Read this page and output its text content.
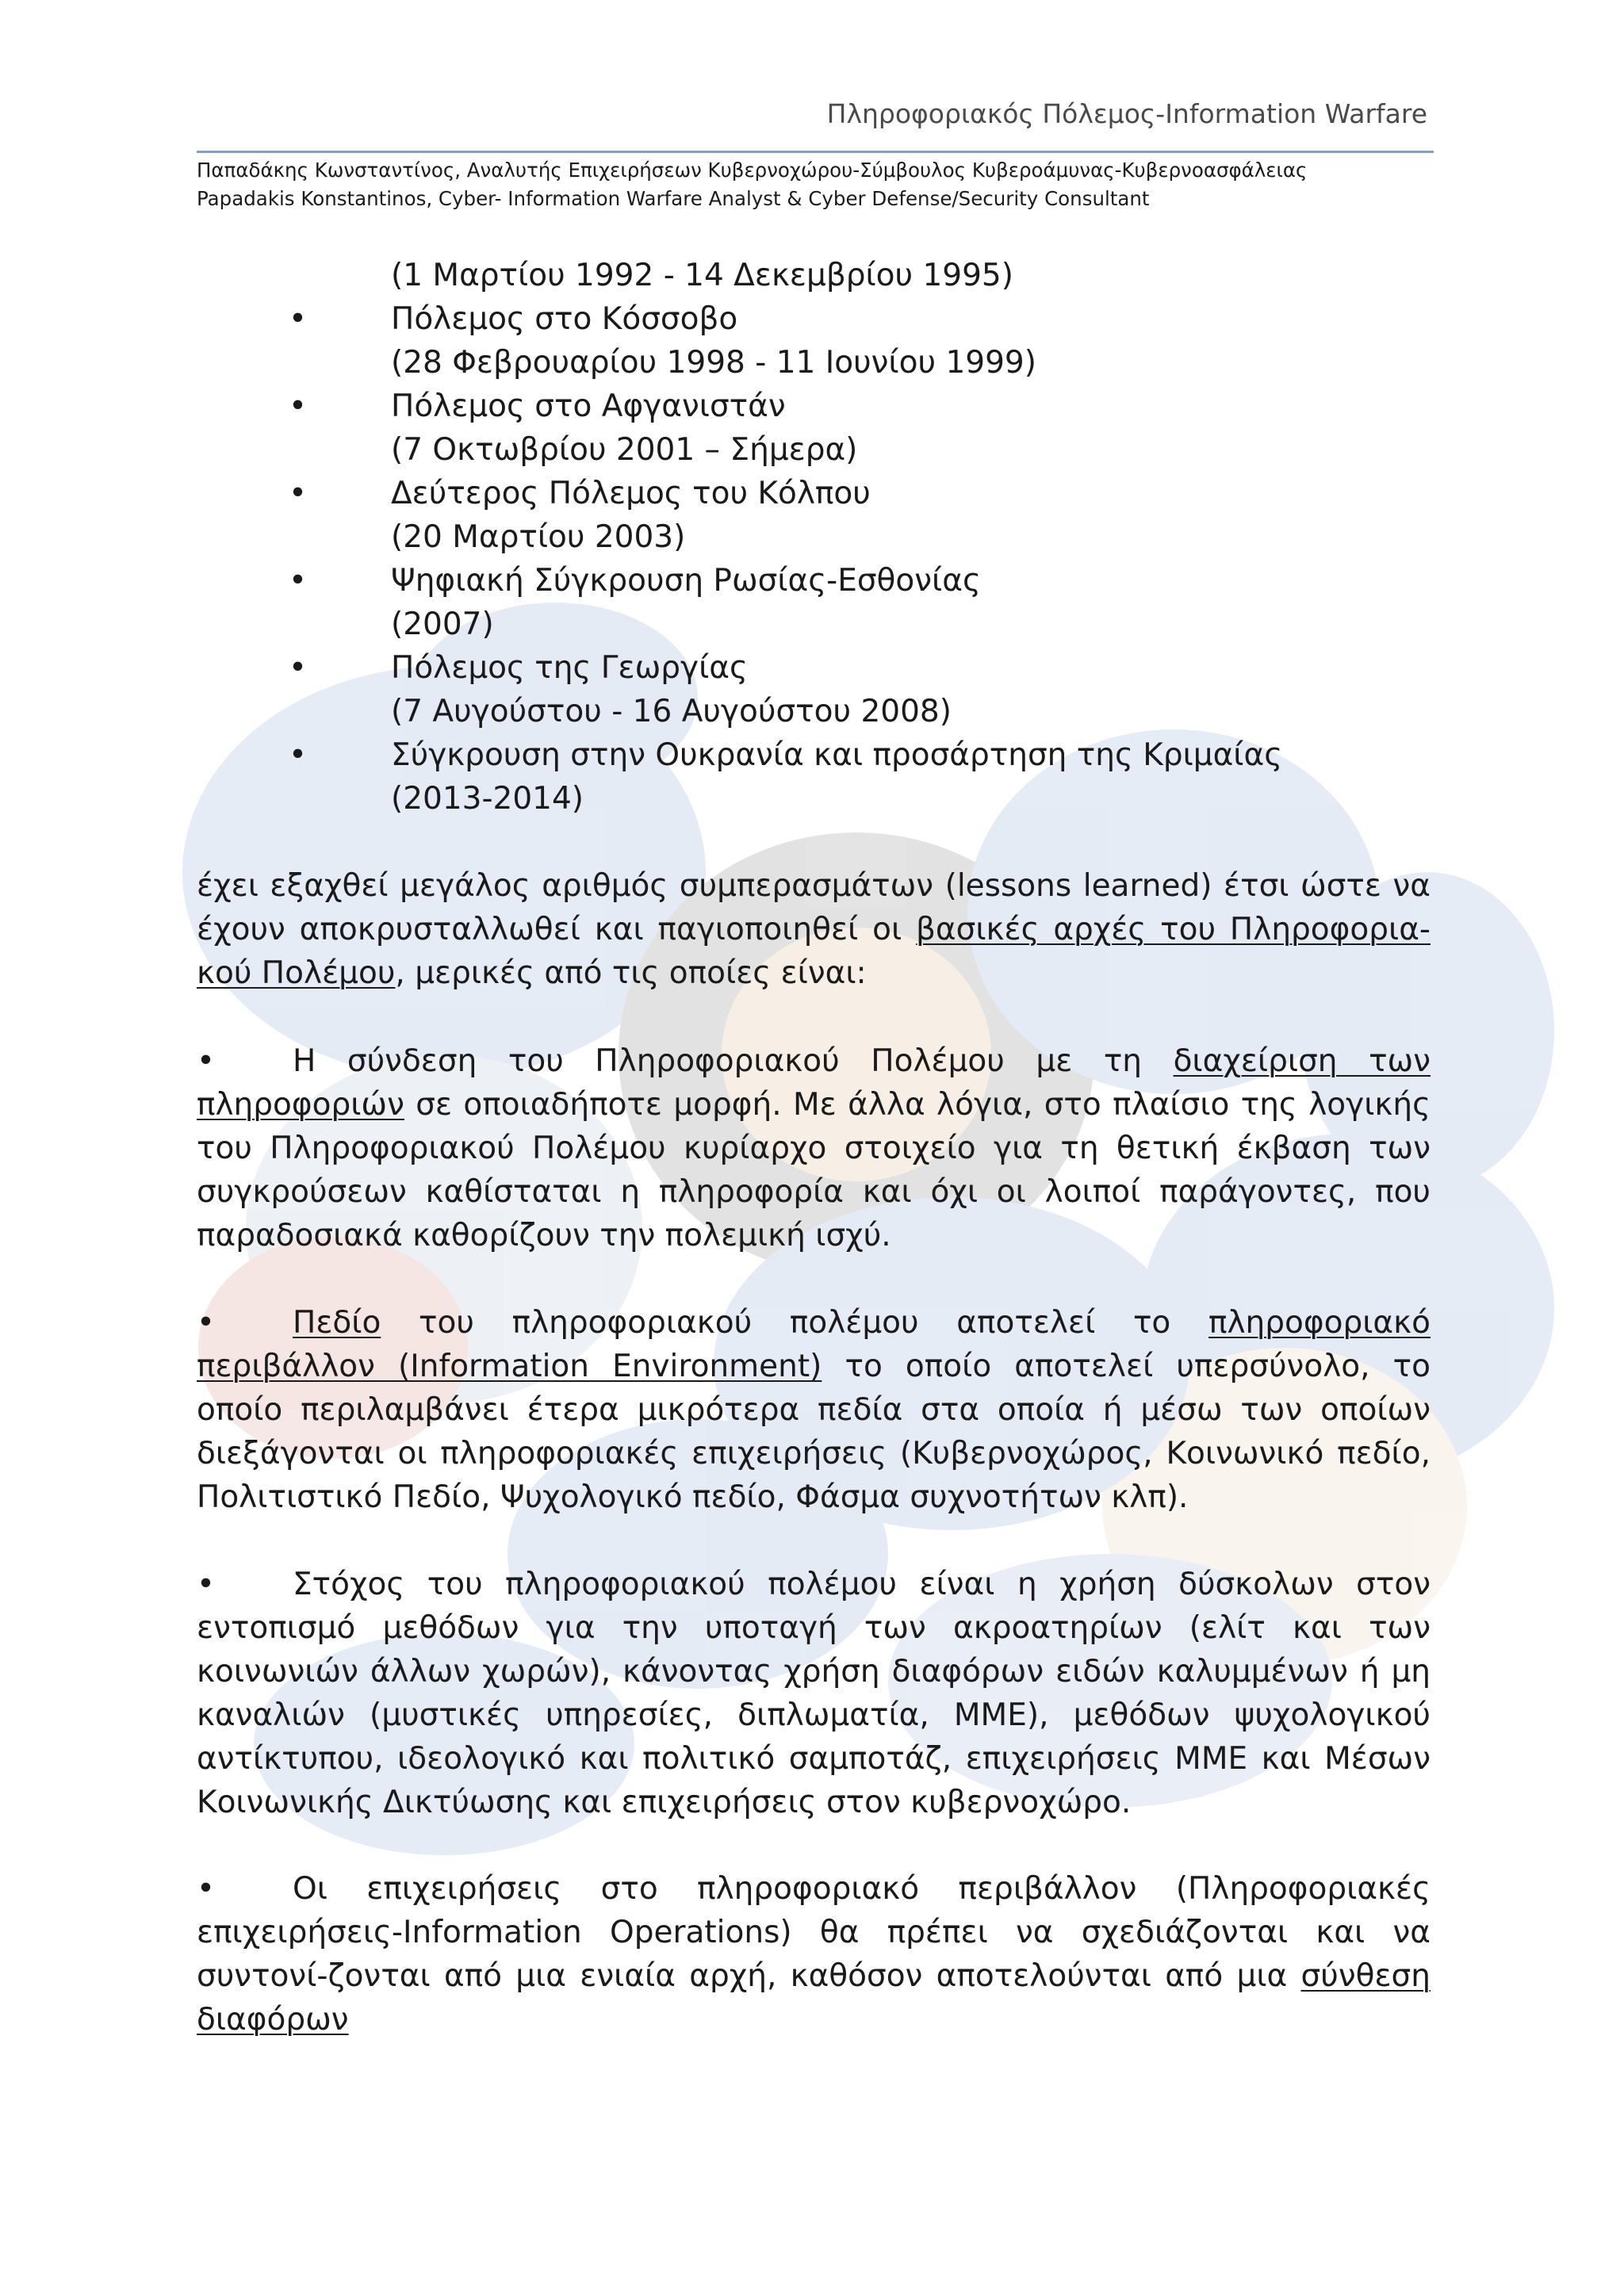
Πληροφοριακός Πόλεμος-Information Warfare
Παπαδάκης Κωνσταντίνος, Αναλυτής Επιχειρήσεων Κυβερνοχώρου-Σύμβουλος Κυβεροάμυνας-Κυβερνοασφάλειας
Papadakis Konstantinos, Cyber- Information Warfare Analyst & Cyber Defense/Security Consultant
(1 Μαρτίου 1992 - 14 Δεκεμβρίου 1995)
•	Πόλεμος στο Κόσσοβο
(28 Φεβρουαρίου 1998 - 11 Ιουνίου 1999)
•	Πόλεμος στο Αφγανιστάν
(7 Οκτωβρίου 2001 – Σήμερα)
•	Δεύτερος Πόλεμος του Κόλπου
(20 Μαρτίου 2003)
•	Ψηφιακή Σύγκρουση Ρωσίας-Εσθονίας
(2007)
•	Πόλεμος της Γεωργίας
(7 Αυγούστου - 16 Αυγούστου 2008)
•	Σύγκρουση στην Ουκρανία και προσάρτηση της Κριμαίας
(2013-2014)

έχει εξαχθεί μεγάλος αριθμός συμπερασμάτων (lessons learned) έτσι ώστε να έχουν αποκρυσταλλωθεί και παγιοποιηθεί οι βασικές αρχές του Πληροφορια-κού Πολέμου, μερικές από τις οποίες είναι:

•	Η σύνδεση του Πληροφοριακού Πολέμου με τη διαχείριση των πληροφοριών σε οποιαδήποτε μορφή. Με άλλα λόγια, στο πλαίσιο της λογικής του Πληροφοριακού Πολέμου κυρίαρχο στοιχείο για τη θετική έκβαση των συγκρούσεων καθίσταται η πληροφορία και όχι οι λοιποί παράγοντες, που παραδοσιακά καθορίζουν την πολεμική ισχύ.

•	Πεδίο του πληροφοριακού πολέμου αποτελεί το πληροφοριακό περιβάλλον (Information Environment) το οποίο αποτελεί υπερσύνολο, το οποίο περιλαμβάνει έτερα μικρότερα πεδία στα οποία ή μέσω των οποίων διεξάγονται οι πληροφοριακές επιχειρήσεις (Κυβερνοχώρος, Κοινωνικό πεδίο, Πολιτιστικό Πεδίο, Ψυχολογικό πεδίο, Φάσμα συχνοτήτων κλπ).

•	Στόχος του πληροφοριακού πολέμου είναι η χρήση δύσκολων στον εντοπισμό μεθόδων για την υποταγή των ακροατηρίων (ελίτ και των κοινωνιών άλλων χωρών), κάνοντας χρήση διαφόρων ειδών καλυμμένων ή μη καναλιών (μυστικές υπηρεσίες, διπλωματία, ΜΜΕ), μεθόδων ψυχολογικού αντίκτυπου, ιδεολογικό και πολιτικό σαμποτάζ, επιχειρήσεις ΜΜΕ και Μέσων Κοινωνικής Δικτύωσης και επιχειρήσεις στον κυβερνοχώρο.

•	Οι επιχειρήσεις στο πληροφοριακό περιβάλλον (Πληροφοριακές επιχειρήσεις-Information Operations) θα πρέπει να σχεδιάζονται και να συντονί-ζονται από μια ενιαία αρχή, καθόσον αποτελούνται από μια σύνθεση διαφόρων
